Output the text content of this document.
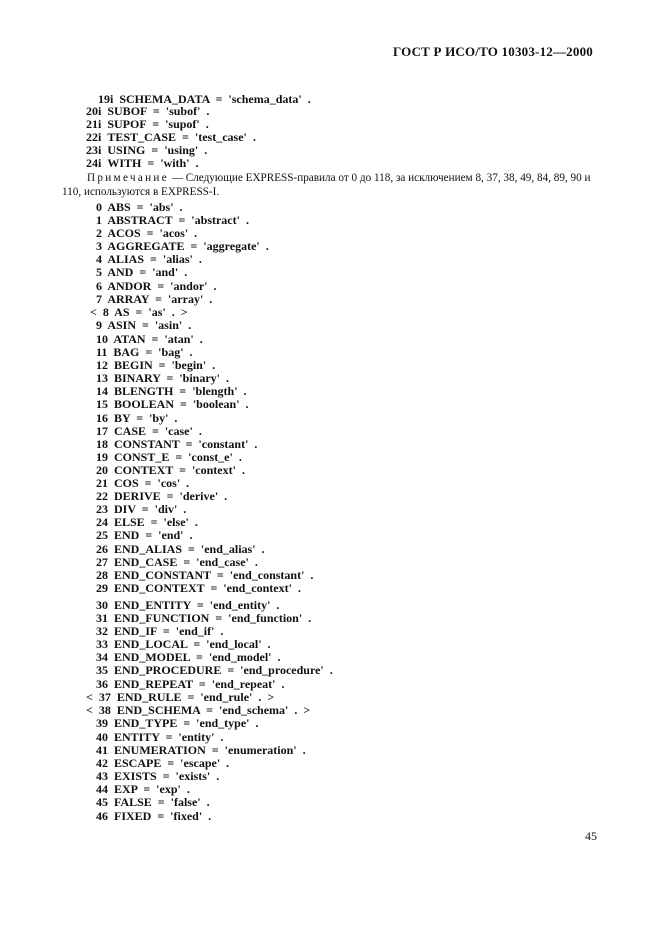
ГОСТ Р ИСО/ТО 10303-12—2000

19i SCHEMA_DATA  =  'schema_data'  .

20i SUBOF  =  'subof'  .
21i SUPOF  =  'supof'  .
22i TEST_CASE  =  'test_case'  .
23i USING  =  'using'  .
24i WITH  =  'with'  .
Примечание — Следующие EXPRESS-правила от 0 до 118, за исключением 8, 37, 38, 49, 84, 89, 90 и 110, используются в EXPRESS-I.
0  ABS  =  'abs'  .
1  ABSTRACT  =  'abstract'  .
2  ACOS  =  'acos'  .
3  AGGREGATE  =  'aggregate'  .
4  ALIAS  =  'alias'  .
5  AND  =  'and'  .
6  ANDOR  =  'andor'  .
7  ARRAY  =  'array'  .
<  8  AS  =  'as'  .  >
9  ASIN  =  'asin'  .
10  ATAN  =  'atan'  .
11  BAG  =  'bag'  .
12  BEGIN  =  'begin'  .
13  BINARY  =  'binary'  .
14  BLENGTH  =  'blength'  .
15  BOOLEAN  =  'boolean'  .
16  BY  =  'by'  .
17  CASE  =  'case'  .
18  CONSTANT  =  'constant'  .
19  CONST_E  =  'const_e'  .
20  CONTEXT  =  'context'  .
21  COS  =  'cos'  .
22  DERIVE  =  'derive'  .
23  DIV  =  'div'  .
24  ELSE  =  'else'  .
25  END  =  'end'  .
26  END_ALIAS  =  'end_alias'  .
27  END_CASE  =  'end_case'  .
28  END_CONSTANT  =  'end_constant'  .
29  END_CONTEXT  =  'end_context'  .
30  END_ENTITY  =  'end_entity'  .
31  END_FUNCTION  =  'end_function'  .
32  END_IF  =  'end_if'  .
33  END_LOCAL  =  'end_local'  .
34  END_MODEL  =  'end_model'  .
35  END_PROCEDURE  =  'end_procedure'  .
36  END_REPEAT  =  'end_repeat'  .
<  37  END_RULE  =  'end_rule'  .  >
<  38  END_SCHEMA  =  'end_schema'  .  >
39  END_TYPE  =  'end_type'  .
40  ENTITY  =  'entity'  .
41  ENUMERATION  =  'enumeration'  .
42  ESCAPE  =  'escape'  .
43  EXISTS  =  'exists'  .
44  EXP  =  'exp'  .
45  FALSE  =  'false'  .
46  FIXED  =  'fixed'  .
45
